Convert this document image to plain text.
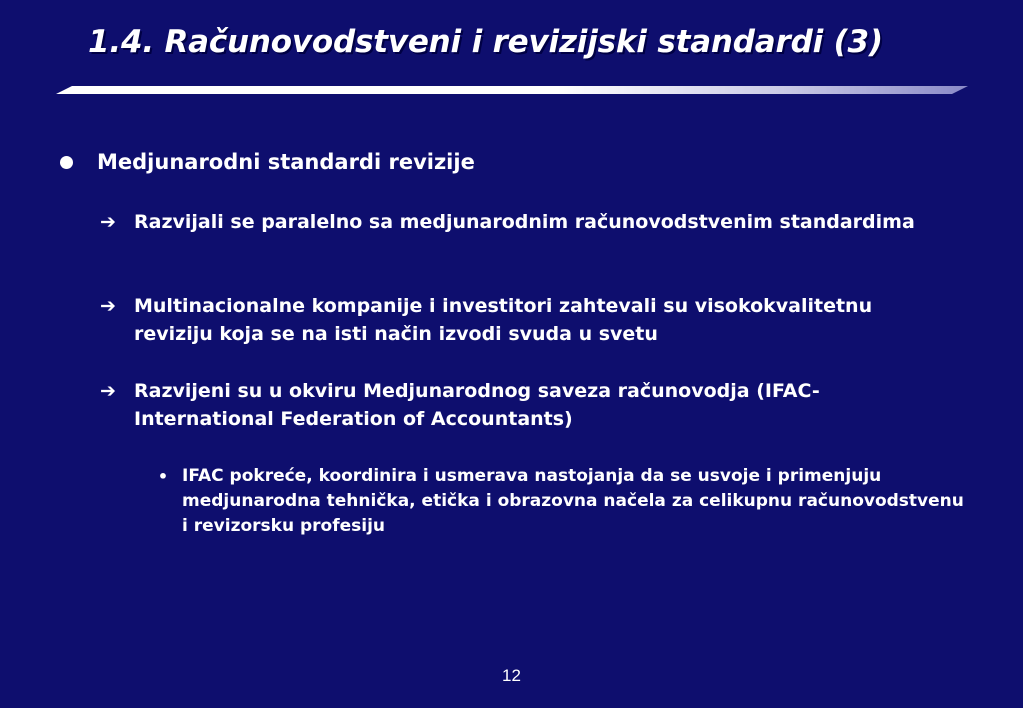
1.4. Računovodstveni i revizijski standardi (3)
Medjunarodni standardi revizije
➔ Razvijali se paralelno sa medjunarodnim računovodstvenim standardima
➔ Multinacionalne kompanije i investitori zahtevali su visokokvalitetnu reviziju koja se na isti način izvodi svuda u svetu
➔ Razvijeni su u okviru Medjunarodnog saveza računovodja (IFAC-International Federation of Accountants)
• IFAC pokreće, koordinira i usmerava nastojanja da se usvoje i primenjuju medjunarodna tehnička, etička i obrazovna načela za celikupnu računovodstvenu i revizorsku profesiju
12
